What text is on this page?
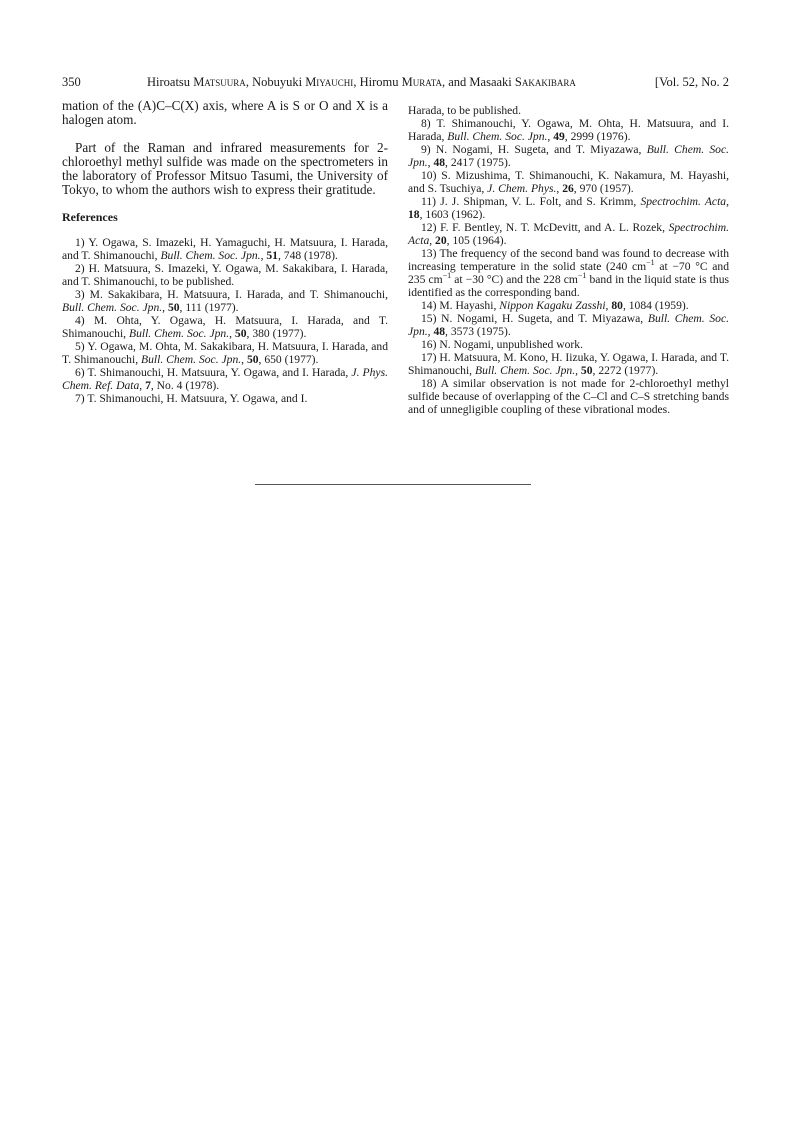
350	Hiroatsu Matsuura, Nobuyuki Miyauchi, Hiromu Murata, and Masaaki Sakakibara	[Vol. 52, No. 2

mation of the (A)C–C(X) axis, where A is S or O and X is a halogen atom.

Part of the Raman and infrared measurements for 2-chloroethyl methyl sulfide was made on the spectrometers in the laboratory of Professor Mitsuo Tasumi, the University of Tokyo, to whom the authors wish to express their gratitude.

References

1) Y. Ogawa, S. Imazeki, H. Yamaguchi, H. Matsuura, I. Harada, and T. Shimanouchi, Bull. Chem. Soc. Jpn., 51, 748 (1978).

2) H. Matsuura, S. Imazeki, Y. Ogawa, M. Sakakibara, I. Harada, and T. Shimanouchi, to be published.

3) M. Sakakibara, H. Matsuura, I. Harada, and T. Shimanouchi, Bull. Chem. Soc. Jpn., 50, 111 (1977).

4) M. Ohta, Y. Ogawa, H. Matsuura, I. Harada, and T. Shimanouchi, Bull. Chem. Soc. Jpn., 50, 380 (1977).

5) Y. Ogawa, M. Ohta, M. Sakakibara, H. Matsuura, I. Harada, and T. Shimanouchi, Bull. Chem. Soc. Jpn., 50, 650 (1977).

6) T. Shimanouchi, H. Matsuura, Y. Ogawa, and I. Harada, J. Phys. Chem. Ref. Data, 7, No. 4 (1978).

7) T. Shimanouchi, H. Matsuura, Y. Ogawa, and I.

Harada, to be published.

8) T. Shimanouchi, Y. Ogawa, M. Ohta, H. Matsuura, and I. Harada, Bull. Chem. Soc. Jpn., 49, 2999 (1976).

9) N. Nogami, H. Sugeta, and T. Miyazawa, Bull. Chem. Soc. Jpn., 48, 2417 (1975).

10) S. Mizushima, T. Shimanouchi, K. Nakamura, M. Hayashi, and S. Tsuchiya, J. Chem. Phys., 26, 970 (1957).

11) J. J. Shipman, V. L. Folt, and S. Krimm, Spectrochim. Acta, 18, 1603 (1962).

12) F. F. Bentley, N. T. McDevitt, and A. L. Rozek, Spectrochim. Acta, 20, 105 (1964).

13) The frequency of the second band was found to decrease with increasing temperature in the solid state (240 $cm^{-1}$ at −70 °C and 235 $cm^{-1}$ at −30 °C) and the 228 $cm^{-1}$ band in the liquid state is thus identified as the corresponding band.

14) M. Hayashi, Nippon Kagaku Zasshi, 80, 1084 (1959).

15) N. Nogami, H. Sugeta, and T. Miyazawa, Bull. Chem. Soc. Jpn., 48, 3573 (1975).

16) N. Nogami, unpublished work.

17) H. Matsuura, M. Kono, H. Iizuka, Y. Ogawa, I. Harada, and T. Shimanouchi, Bull. Chem. Soc. Jpn., 50, 2272 (1977).

18) A similar observation is not made for 2-chloroethyl methyl sulfide because of overlapping of the C–Cl and C–S stretching bands and of unnegligible coupling of these vibrational modes.
